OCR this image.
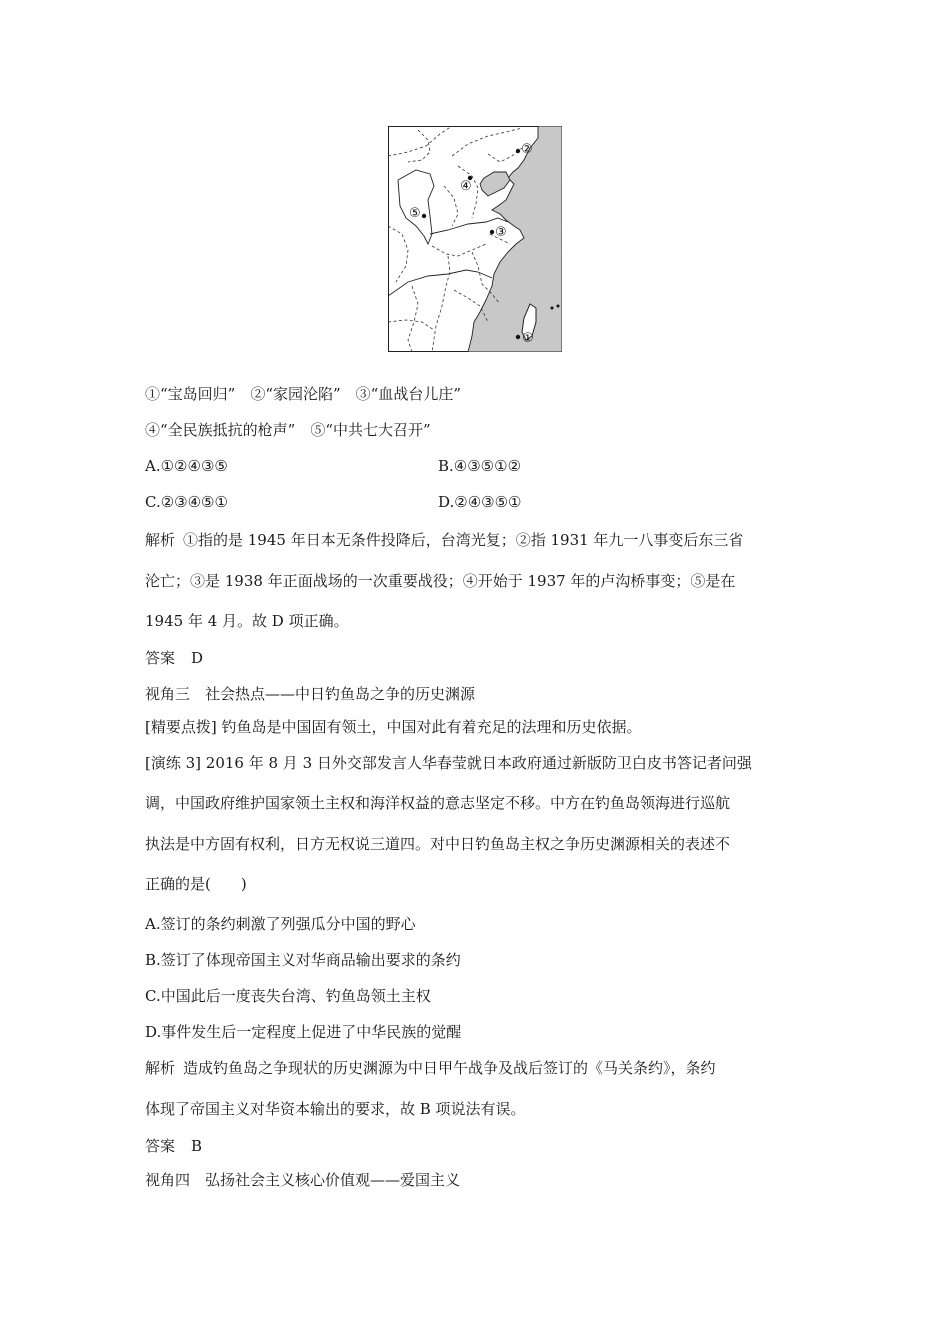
②
④
⑤
③
①
①“宝岛回归”　②“家园沦陷”　③“血战台儿庄”
④“全民族抵抗的枪声”　⑤“中共七大召开”
A.①②④③⑤	B.④③⑤①②
C.②③④⑤①	D.②④③⑤①
解析 ①指的是 1945 年日本无条件投降后，台湾光复；②指 1931 年九一八事变后东三省
沦亡；③是 1938 年正面战场的一次重要战役；④开始于 1937 年的卢沟桥事变；⑤是在
1945 年 4 月。故 D 项正确。
答案 D
视角三　社会热点——中日钓鱼岛之争的历史渊源
[精要点拨] 钓鱼岛是中国固有领土，中国对此有着充足的法理和历史依据。
[演练 3] 2016 年 8 月 3 日外交部发言人华春莹就日本政府通过新版防卫白皮书答记者问强
调，中国政府维护国家领土主权和海洋权益的意志坚定不移。中方在钓鱼岛领海进行巡航
执法是中方固有权利，日方无权说三道四。对中日钓鱼岛主权之争历史渊源相关的表述不
正确的是(　　)
A.签订的条约刺激了列强瓜分中国的野心
B.签订了体现帝国主义对华商品输出要求的条约
C.中国此后一度丧失台湾、钓鱼岛领土主权
D.事件发生后一定程度上促进了中华民族的觉醒
解析 造成钓鱼岛之争现状的历史渊源为中日甲午战争及战后签订的《马关条约》，条约
体现了帝国主义对华资本输出的要求，故 B 项说法有误。
答案 B
视角四　弘扬社会主义核心价值观——爱国主义
